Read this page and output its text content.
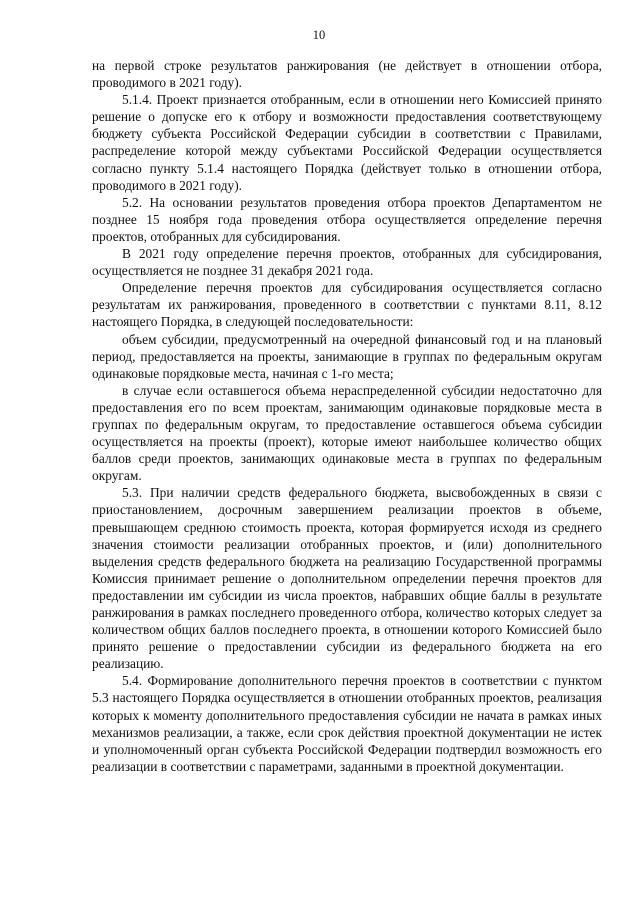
10

на первой строке результатов ранжирования (не действует в отношении отбора, проводимого в 2021 году).

5.1.4. Проект признается отобранным, если в отношении него Комиссией принято решение о допуске его к отбору и возможности предоставления соответствующему бюджету субъекта Российской Федерации субсидии в соответствии с Правилами, распределение которой между субъектами Российской Федерации осуществляется согласно пункту 5.1.4 настоящего Порядка (действует только в отношении отбора, проводимого в 2021 году).

5.2. На основании результатов проведения отбора проектов Департаментом не позднее 15 ноября года проведения отбора осуществляется определение перечня проектов, отобранных для субсидирования.

В 2021 году определение перечня проектов, отобранных для субсидирования, осуществляется не позднее 31 декабря 2021 года.

Определение перечня проектов для субсидирования осуществляется согласно результатам их ранжирования, проведенного в соответствии с пунктами 8.11, 8.12 настоящего Порядка, в следующей последовательности:

объем субсидии, предусмотренный на очередной финансовый год и на плановый период, предоставляется на проекты, занимающие в группах по федеральным округам одинаковые порядковые места, начиная с 1-го места;

в случае если оставшегося объема нераспределенной субсидии недостаточно для предоставления его по всем проектам, занимающим одинаковые порядковые места в группах по федеральным округам, то предоставление оставшегося объема субсидии осуществляется на проекты (проект), которые имеют наибольшее количество общих баллов среди проектов, занимающих одинаковые места в группах по федеральным округам.

5.3. При наличии средств федерального бюджета, высвобожденных в связи с приостановлением, досрочным завершением реализации проектов в объеме, превышающем среднюю стоимость проекта, которая формируется исходя из среднего значения стоимости реализации отобранных проектов, и (или) дополнительного выделения средств федерального бюджета на реализацию Государственной программы Комиссия принимает решение о дополнительном определении перечня проектов для предоставлении им субсидии из числа проектов, набравших общие баллы в результате ранжирования в рамках последнего проведенного отбора, количество которых следует за количеством общих баллов последнего проекта, в отношении которого Комиссией было принято решение о предоставлении субсидии из федерального бюджета на его реализацию.

5.4. Формирование дополнительного перечня проектов в соответствии с пунктом 5.3 настоящего Порядка осуществляется в отношении отобранных проектов, реализация которых к моменту дополнительного предоставления субсидии не начата в рамках иных механизмов реализации, а также, если срок действия проектной документации не истек и уполномоченный орган субъекта Российской Федерации подтвердил возможность его реализации в соответствии с параметрами, заданными в проектной документации.
